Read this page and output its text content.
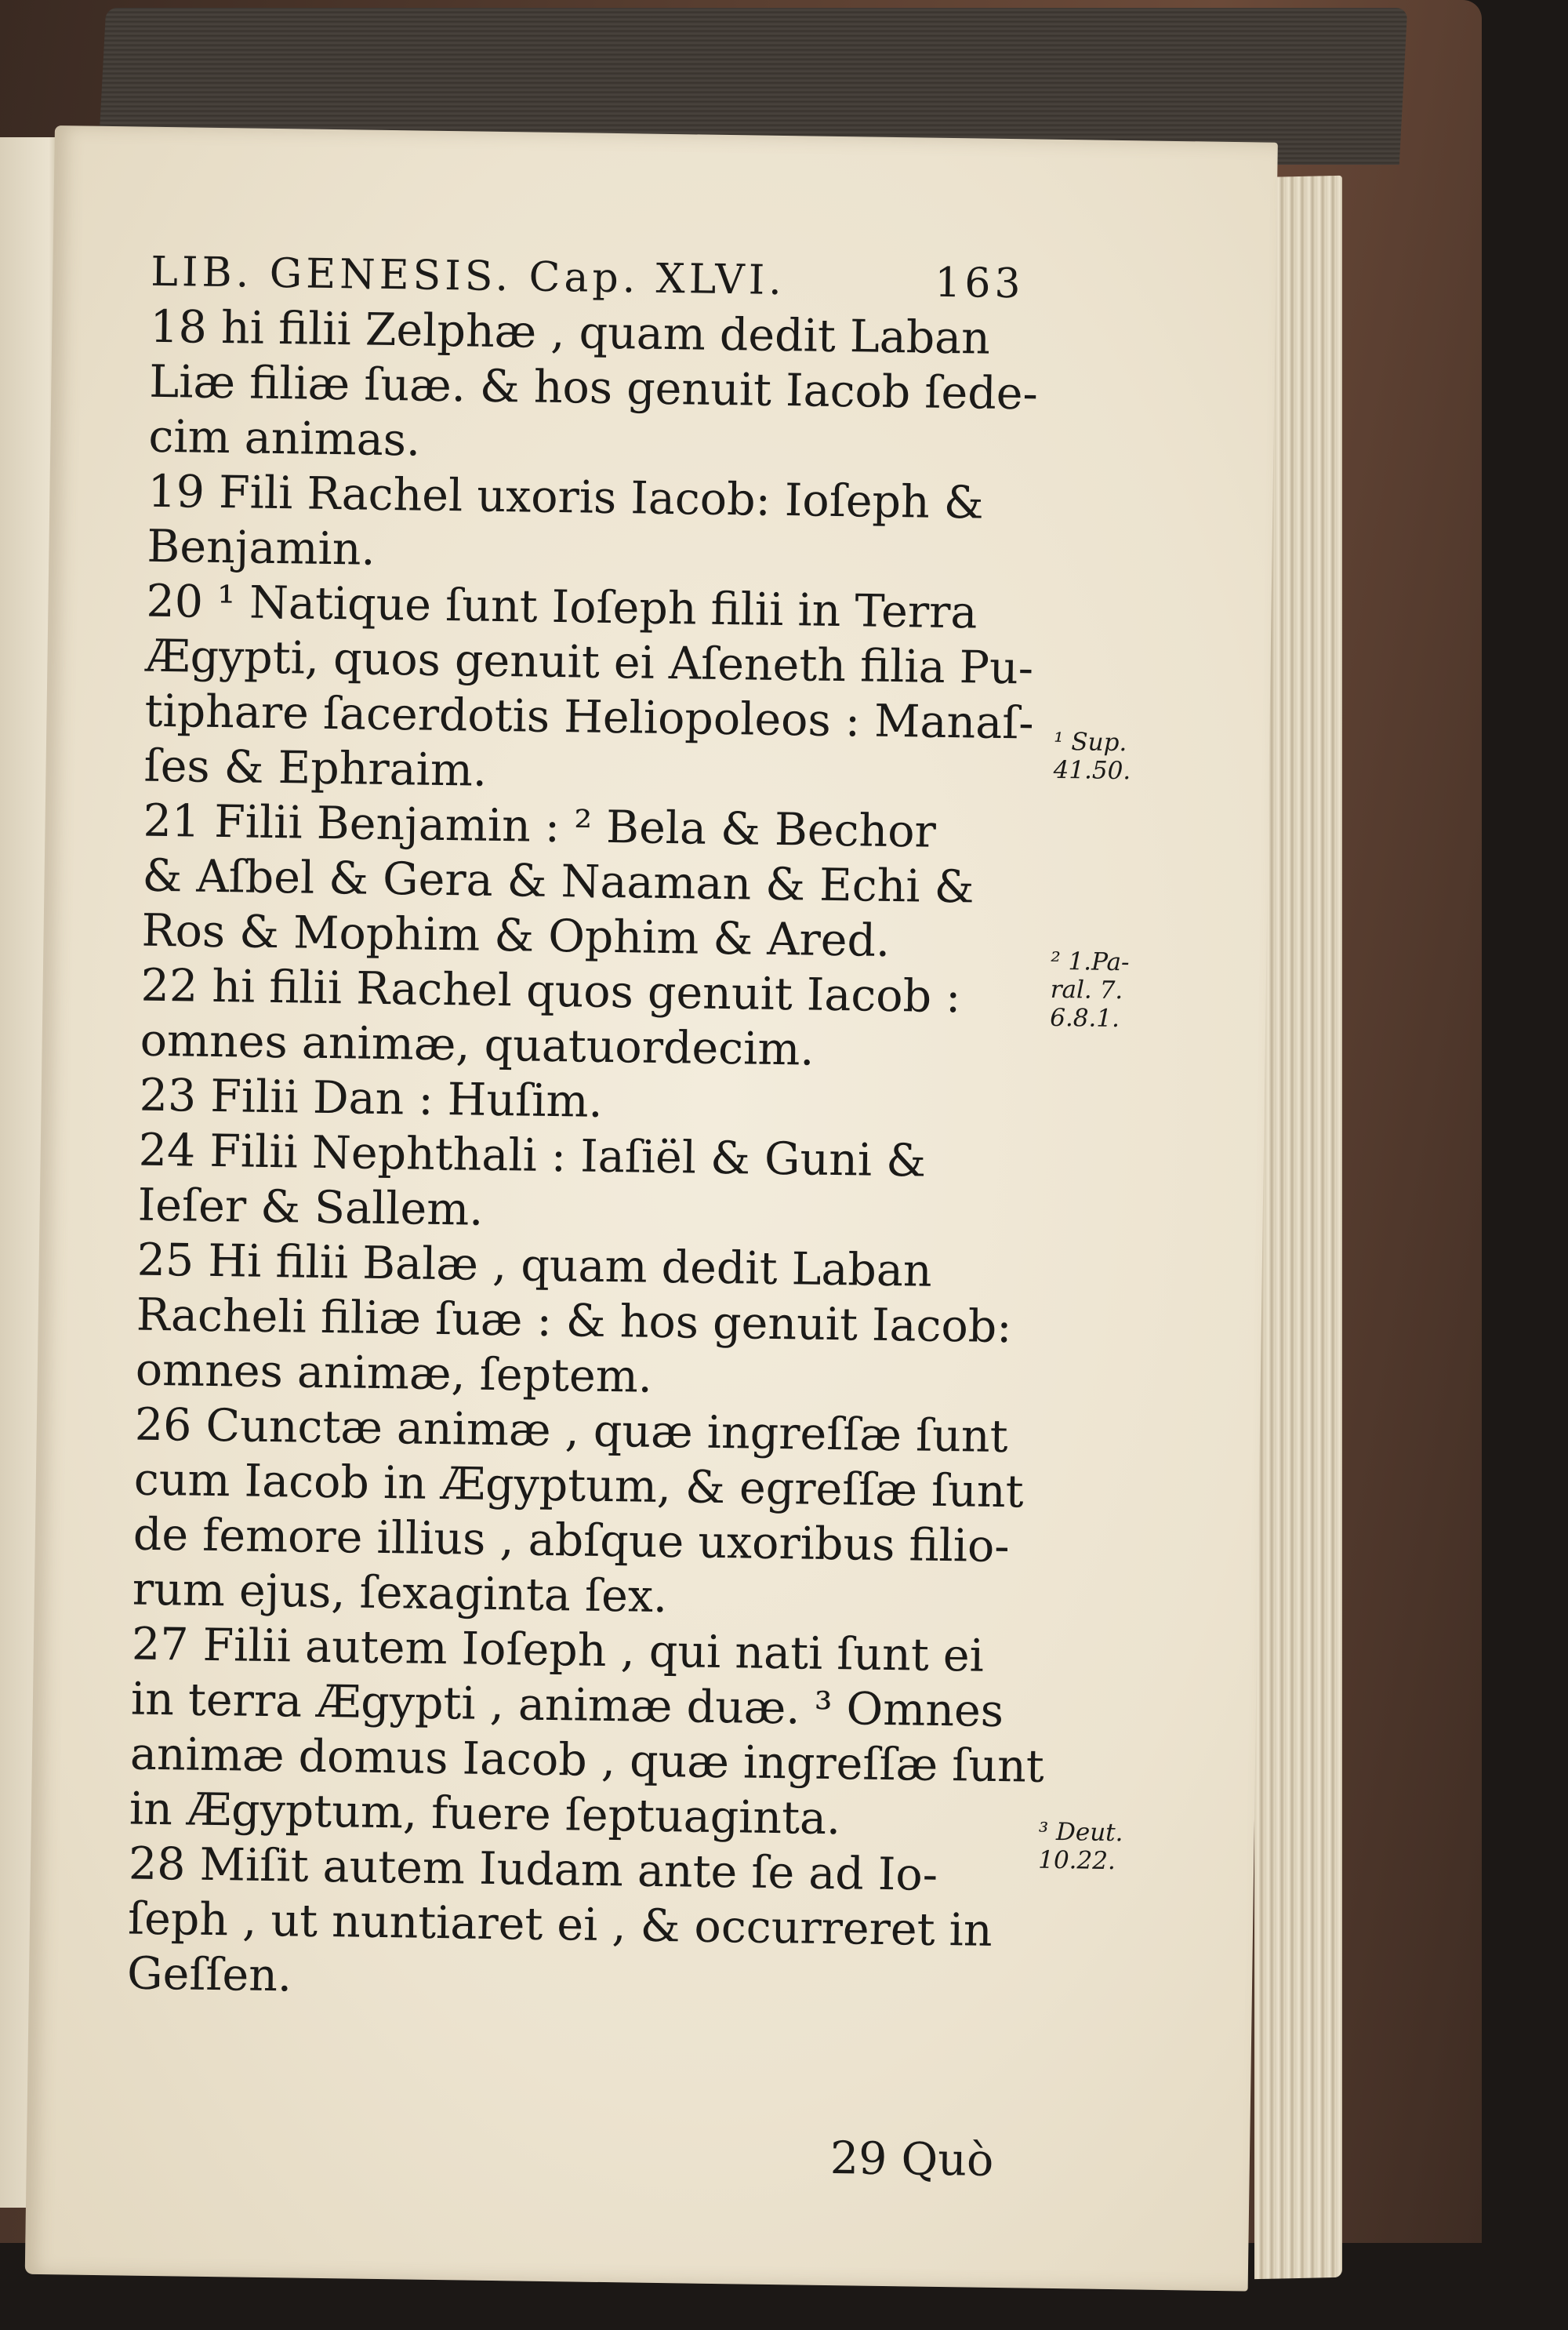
LIB. GENESIS. Cap. XLVI.	163
18 hi filii Zelphæ , quam dedit Laban
Liæ filiæ ſuæ. & hos genuit Iacob ſede-
cim animas.
19 Fili Rachel uxoris Iacob: Ioſeph &
Benjamin.
20 ¹ Natique ſunt Ioſeph filii in Terra
Ægypti, quos genuit ei Aſeneth filia Pu-
tiphare ſacerdotis Heliopoleos : Manaſ-
ſes & Ephraim.
21 Filii Benjamin : ² Bela & Bechor
& Aſbel & Gera & Naaman & Echi &
Ros & Mophim & Ophim & Ared.
22 hi filii Rachel quos genuit Iacob :
omnes animæ, quatuordecim.
23 Filii Dan : Huſim.
24 Filii Nephthali : Iaſiël & Guni &
Ieſer & Sallem.
25 Hi filii Balæ , quam dedit Laban
Racheli filiæ ſuæ : & hos genuit Iacob:
omnes animæ, ſeptem.
26 Cunctæ animæ , quæ ingreſſæ ſunt
cum Iacob in Ægyptum, & egreſſæ ſunt
de femore illius , abſque uxoribus filio-
rum ejus, ſexaginta ſex.
27 Filii autem Ioſeph , qui nati ſunt ei
in terra Ægypti , animæ duæ. ³ Omnes
animæ domus Iacob , quæ ingreſſæ ſunt
in Ægyptum, fuere ſeptuaginta.
28 Miſit autem Iudam ante ſe ad Io-
ſeph , ut nuntiaret ei , & occurreret in
Geſſen.
29 Quò
¹ Sup.
41.50.
² 1.Pa-
ral. 7.
6.8.1.
³ Deut.
10.22.
